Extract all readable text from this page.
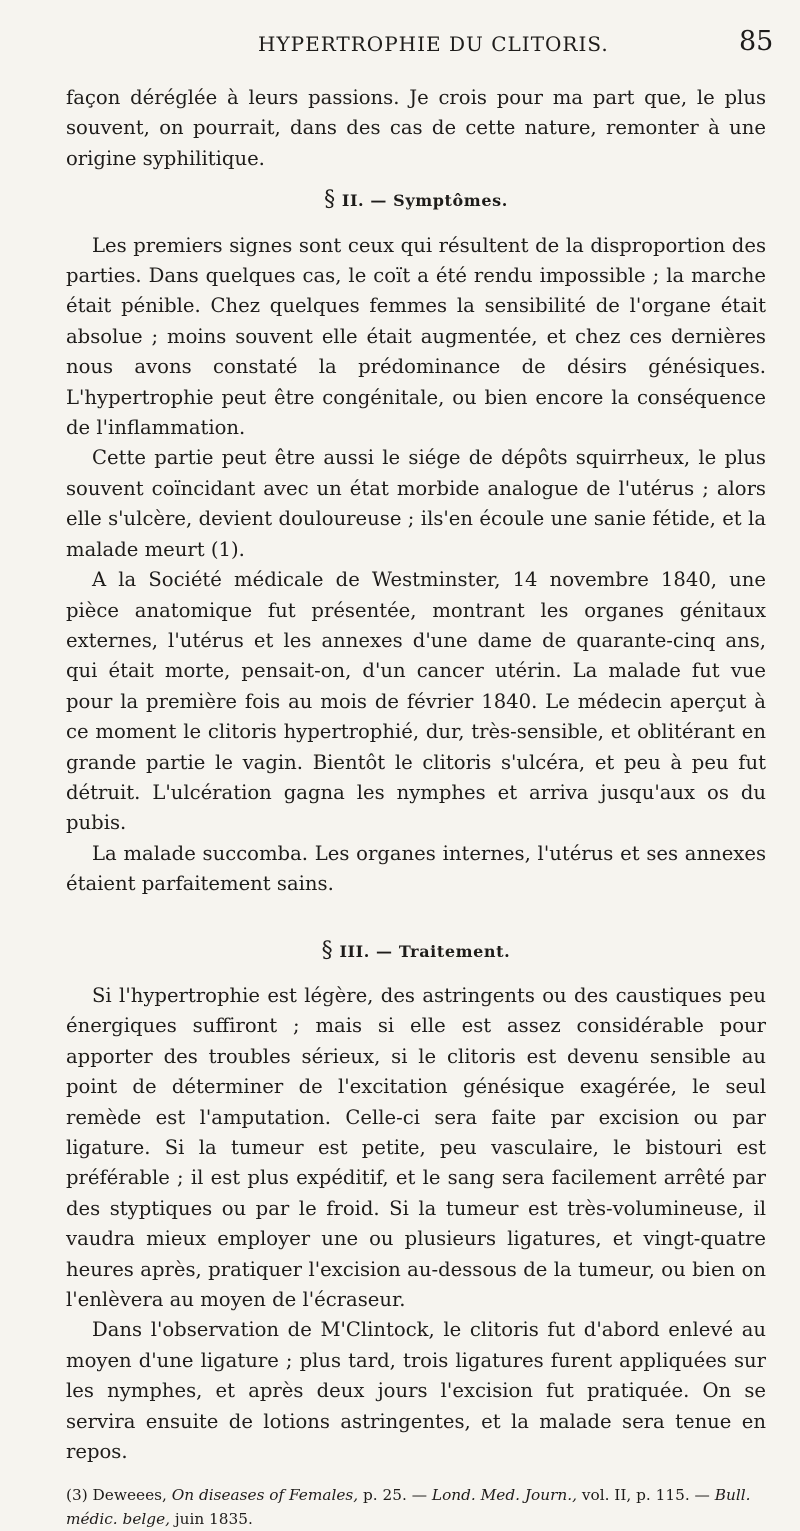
HYPERTROPHIE DU CLITORIS.	85

façon déréglée à leurs passions. Je crois pour ma part que, le plus souvent, on pourrait, dans des cas de cette nature, remonter à une origine syphilitique.

§ II. — Symptômes.

Les premiers signes sont ceux qui résultent de la disproportion des parties. Dans quelques cas, le coït a été rendu impossible ; la marche était pénible. Chez quelques femmes la sensibilité de l'organe était absolue ; moins souvent elle était augmentée, et chez ces dernières nous avons constaté la prédominance de désirs génésiques. L'hypertrophie peut être congénitale, ou bien encore la conséquence de l'inflammation.

Cette partie peut être aussi le siége de dépôts squirrheux, le plus souvent coïncidant avec un état morbide analogue de l'utérus ; alors elle s'ulcère, devient douloureuse ; ils'en écoule une sanie fétide, et la malade meurt (1).

A la Société médicale de Westminster, 14 novembre 1840, une pièce anatomique fut présentée, montrant les organes génitaux externes, l'utérus et les annexes d'une dame de quarante-cinq ans, qui était morte, pensait-on, d'un cancer utérin. La malade fut vue pour la première fois au mois de février 1840. Le médecin aperçut à ce moment le clitoris hypertrophié, dur, très-sensible, et oblitérant en grande partie le vagin. Bientôt le clitoris s'ulcéra, et peu à peu fut détruit. L'ulcération gagna les nymphes et arriva jusqu'aux os du pubis.

La malade succomba. Les organes internes, l'utérus et ses annexes étaient parfaitement sains.

§ III. — Traitement.

Si l'hypertrophie est légère, des astringents ou des caustiques peu énergiques suffiront ; mais si elle est assez considérable pour apporter des troubles sérieux, si le clitoris est devenu sensible au point de déterminer de l'excitation génésique exagérée, le seul remède est l'amputation. Celle-ci sera faite par excision ou par ligature. Si la tumeur est petite, peu vasculaire, le bistouri est préférable ; il est plus expéditif, et le sang sera facilement arrêté par des styptiques ou par le froid. Si la tumeur est très-volumineuse, il vaudra mieux employer une ou plusieurs ligatures, et vingt-quatre heures après, pratiquer l'excision au-dessous de la tumeur, ou bien on l'enlèvera au moyen de l'écraseur.

Dans l'observation de M'Clintock, le clitoris fut d'abord enlevé au moyen d'une ligature ; plus tard, trois ligatures furent appliquées sur les nymphes, et après deux jours l'excision fut pratiquée. On se servira ensuite de lotions astringentes, et la malade sera tenue en repos.

(3) Deweees, On diseases of Females, p. 25. — Lond. Med. Journ., vol. II, p. 115. — Bull. médic. belge, juin 1835.
